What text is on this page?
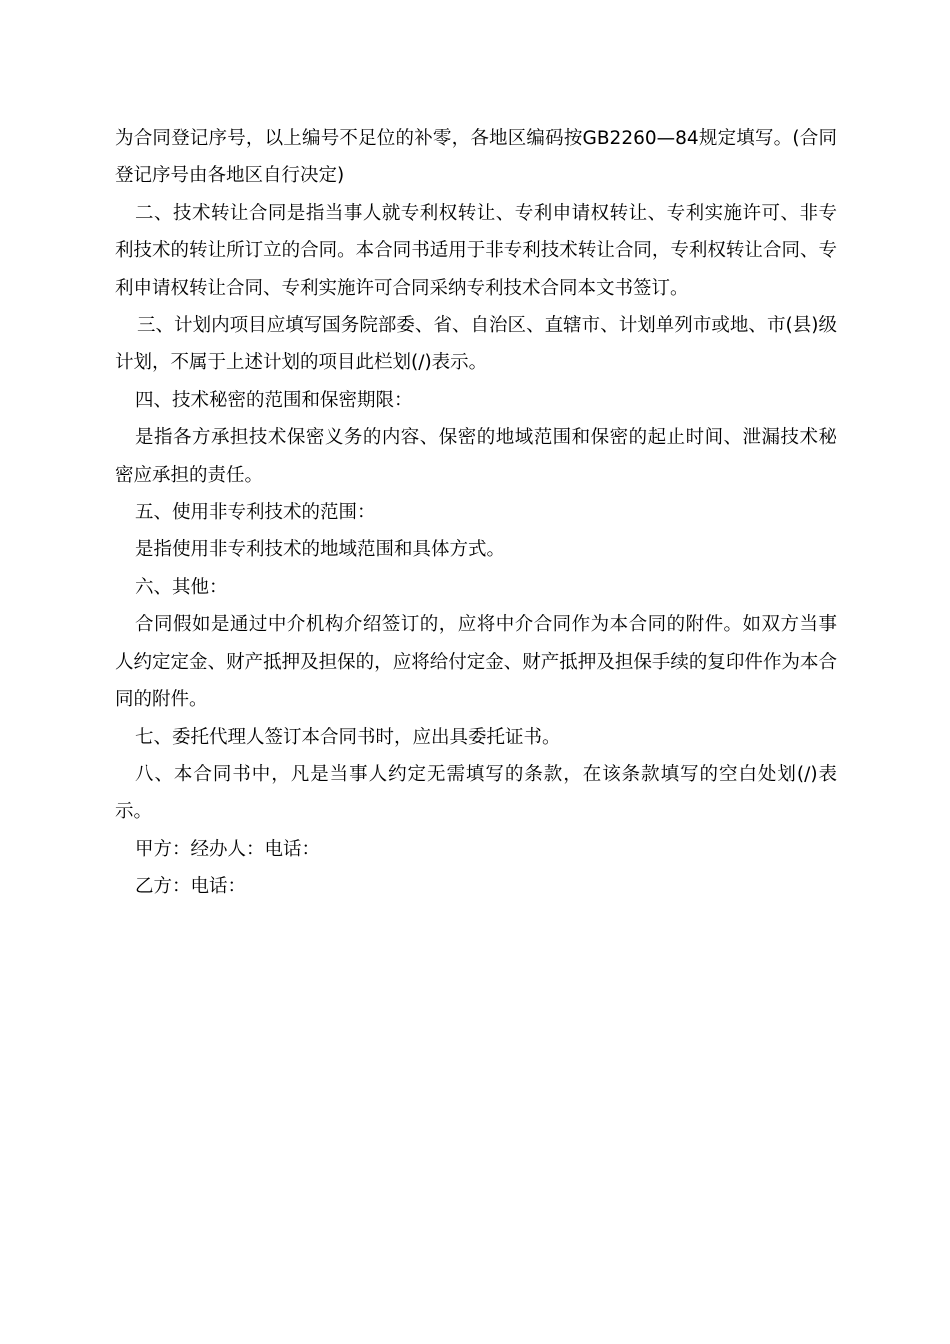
为合同登记序号，以上编号不足位的补零，各地区编码按GB2260—84规定填写。(合同登记序号由各地区自行决定)

二、技术转让合同是指当事人就专利权转让、专利申请权转让、专利实施许可、非专利技术的转让所订立的合同。本合同书适用于非专利技术转让合同，专利权转让合同、专利申请权转让合同、专利实施许可合同采纳专利技术合同本文书签订。

三、计划内项目应填写国务院部委、省、自治区、直辖市、计划单列市或地、市(县)级计划，不属于上述计划的项目此栏划(/)表示。

四、技术秘密的范围和保密期限：

是指各方承担技术保密义务的内容、保密的地域范围和保密的起止时间、泄漏技术秘密应承担的责任。

五、使用非专利技术的范围：

是指使用非专利技术的地域范围和具体方式。

六、其他：

合同假如是通过中介机构介绍签订的，应将中介合同作为本合同的附件。如双方当事人约定定金、财产抵押及担保的，应将给付定金、财产抵押及担保手续的复印件作为本合同的附件。

七、委托代理人签订本合同书时，应出具委托证书。

八、本合同书中，凡是当事人约定无需填写的条款，在该条款填写的空白处划(/)表示。

甲方：经办人：电话：

乙方：电话：
